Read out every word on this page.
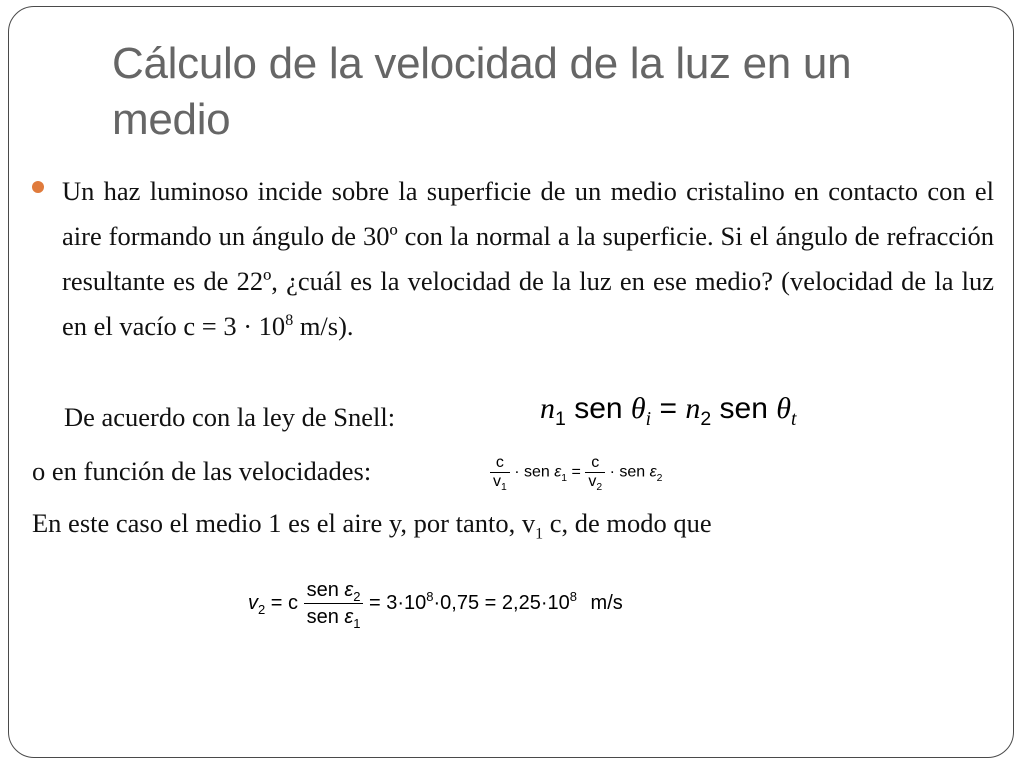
Cálculo de la velocidad de la luz en un medio

Un haz luminoso incide sobre la superficie de un medio cristalino en contacto con el aire formando un ángulo de 30º con la normal a la superficie. Si el ángulo de refracción resultante es de 22º, ¿cuál es la velocidad de la luz en ese medio? (velocidad de la luz en el vacío $c = 3 \cdot 10^8$ m/s).

De acuerdo con la ley de Snell:	$n_1$ sen $\theta_i = n_2$ sen $\theta_t$
o en función de las velocidades:	$\frac{c}{v_1}$ · sen $\varepsilon_1 = \frac{c}{v_2}$ · sen $\varepsilon_2$
En este caso el medio 1 es el aire y, por tanto, $v_1$ c, de modo que
$v_2 = c \frac{sen \varepsilon_2}{sen \varepsilon_1} = 3\cdot 10^8\cdot 0,75 = 2,25\cdot 10^8$ m/s
